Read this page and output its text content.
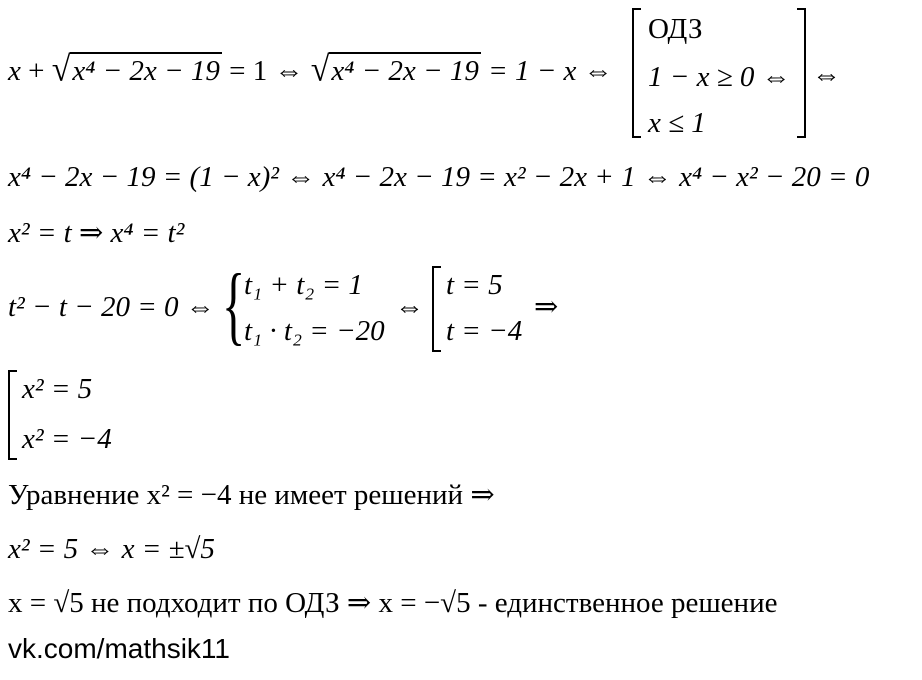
x + √x⁴ − 2x − 19 = 1 ⇔ √x⁴ − 2x − 19 = 1 − x ⇔
ОДЗ
1 − x ≥ 0 ⇔
x ≤ 1
⇔
x⁴ − 2x − 19 = (1 − x)² ⇔ x⁴ − 2x − 19 = x² − 2x + 1 ⇔ x⁴ − x² − 20 = 0
x² = t ⇒ x⁴ = t²
t² − t − 20 = 0 ⇔ {
t₁ + t₂ = 1
t₁ · t₂ = −20
⇔
t = 5
t = −4
⇒
x² = 5
x² = −4
Уравнение x² = −4 не имеет решений ⇒
x² = 5 ⇔ x = ±√5
x = √5 не подходит по ОДЗ ⇒ x = −√5 - единственное решение
vk.com/mathsik11
